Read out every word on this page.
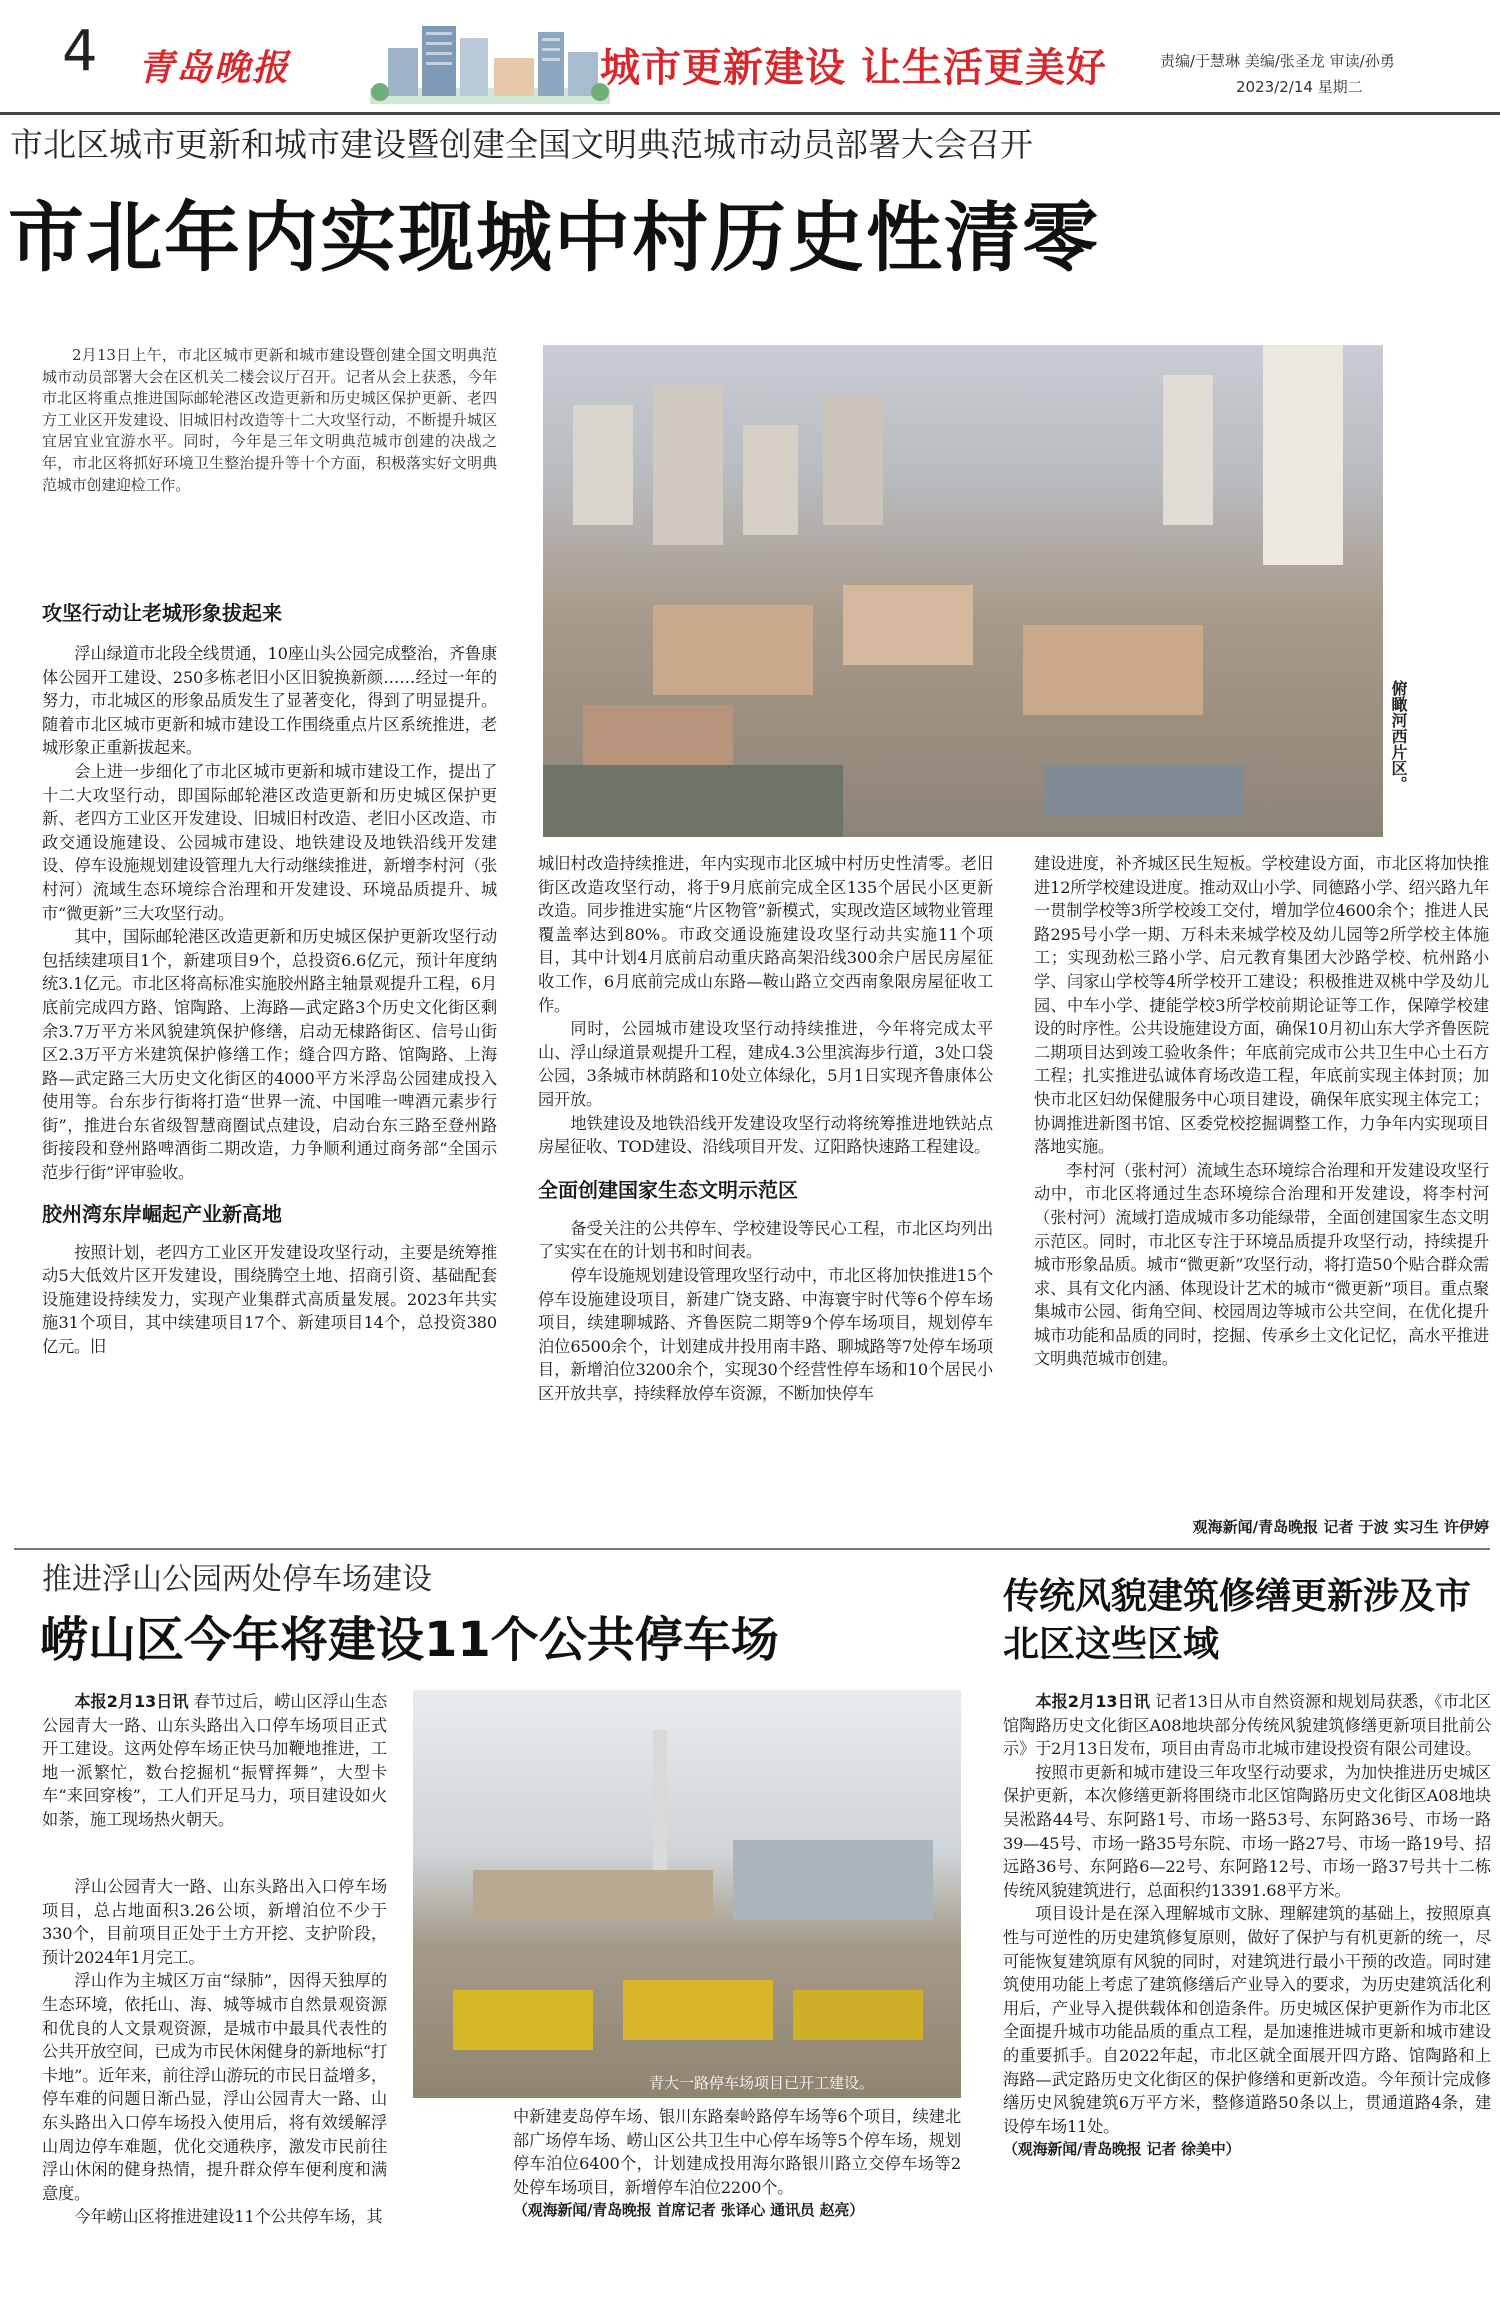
4 青岛晚报	城市更新建设 让生活更美好	责编/于慧琳 美编/张圣龙 审读/孙勇
2023/2/14 星期二
市北区城市更新和城市建设暨创建全国文明典范城市动员部署大会召开
市北年内实现城中村历史性清零

2月13日上午，市北区城市更新和城市建设暨创建全国文明典范城市动员部署大会在区机关二楼会议厅召开。记者从会上获悉，今年市北区将重点推进国际邮轮港区改造更新和历史城区保护更新、老四方工业区开发建设、旧城旧村改造等十二大攻坚行动，不断提升城区宜居宜业宜游水平。同时，今年是三年文明典范城市创建的决战之年，市北区将抓好环境卫生整治提升等十个方面，积极落实好文明典范城市创建迎检工作。

俯瞰河西片区。
攻坚行动让老城形象拔起来

浮山绿道市北段全线贯通，10座山头公园完成整治，齐鲁康体公园开工建设、250多栋老旧小区旧貌换新颜……经过一年的努力，市北城区的形象品质发生了显著变化，得到了明显提升。随着市北区城市更新和城市建设工作围绕重点片区系统推进，老城形象正重新拔起来。

会上进一步细化了市北区城市更新和城市建设工作，提出了十二大攻坚行动，即国际邮轮港区改造更新和历史城区保护更新、老四方工业区开发建设、旧城旧村改造、老旧小区改造、市政交通设施建设、公园城市建设、地铁建设及地铁沿线开发建设、停车设施规划建设管理九大行动继续推进，新增李村河（张村河）流域生态环境综合治理和开发建设、环境品质提升、城市“微更新”三大攻坚行动。

其中，国际邮轮港区改造更新和历史城区保护更新攻坚行动包括续建项目1个，新建项目9个，总投资6.6亿元，预计年度纳统3.1亿元。市北区将高标准实施胶州路主轴景观提升工程，6月底前完成四方路、馆陶路、上海路—武定路3个历史文化街区剩余3.7万平方米风貌建筑保护修缮，启动无棣路街区、信号山街区2.3万平方米建筑保护修缮工作；缝合四方路、馆陶路、上海路—武定路三大历史文化街区的4000平方米浮岛公园建成投入使用等。台东步行街将打造“世界一流、中国唯一啤酒元素步行街”，推进台东省级智慧商圈试点建设，启动台东三路至登州路街接段和登州路啤酒街二期改造，力争顺利通过商务部“全国示范步行街”评审验收。

胶州湾东岸崛起产业新高地

按照计划，老四方工业区开发建设攻坚行动，主要是统筹推动5大低效片区开发建设，围绕腾空土地、招商引资、基础配套设施建设持续发力，实现产业集群式高质量发展。2023年共实施31个项目，其中续建项目17个、新建项目14个，总投资380亿元。旧

城旧村改造持续推进，年内实现市北区城中村历史性清零。老旧街区改造攻坚行动，将于9月底前完成全区135个居民小区更新改造。同步推进实施“片区物管”新模式，实现改造区域物业管理覆盖率达到80%。市政交通设施建设攻坚行动共实施11个项目，其中计划4月底前启动重庆路高架沿线300余户居民房屋征收工作，6月底前完成山东路—鞍山路立交西南象限房屋征收工作。

同时，公园城市建设攻坚行动持续推进，今年将完成太平山、浮山绿道景观提升工程，建成4.3公里滨海步行道，3处口袋公园，3条城市林荫路和10处立体绿化，5月1日实现齐鲁康体公园开放。

地铁建设及地铁沿线开发建设攻坚行动将统筹推进地铁站点房屋征收、TOD建设、沿线项目开发、辽阳路快速路工程建设。

全面创建国家生态文明示范区

备受关注的公共停车、学校建设等民心工程，市北区均列出了实实在在的计划书和时间表。

停车设施规划建设管理攻坚行动中，市北区将加快推进15个停车设施建设项目，新建广饶支路、中海寰宇时代等6个停车场项目，续建聊城路、齐鲁医院二期等9个停车场项目，规划停车泊位6500余个，计划建成井投用南丰路、聊城路等7处停车场项目，新增泊位3200余个，实现30个经营性停车场和10个居民小区开放共享，持续释放停车资源，不断加快停车

建设进度，补齐城区民生短板。学校建设方面，市北区将加快推进12所学校建设进度。推动双山小学、同德路小学、绍兴路九年一贯制学校等3所学校竣工交付，增加学位4600余个；推进人民路295号小学一期、万科未来城学校及幼儿园等2所学校主体施工；实现劲松三路小学、启元教育集团大沙路学校、杭州路小学、闫家山学校等4所学校开工建设；积极推进双桃中学及幼儿园、中车小学、捷能学校3所学校前期论证等工作，保障学校建设的时序性。公共设施建设方面，确保10月初山东大学齐鲁医院二期项目达到竣工验收条件；年底前完成市公共卫生中心土石方工程；扎实推进弘诚体育场改造工程，年底前实现主体封顶；加快市北区妇幼保健服务中心项目建设，确保年底实现主体完工；协调推进新图书馆、区委党校挖掘调整工作，力争年内实现项目落地实施。

李村河（张村河）流域生态环境综合治理和开发建设攻坚行动中，市北区将通过生态环境综合治理和开发建设，将李村河（张村河）流域打造成城市多功能绿带，全面创建国家生态文明示范区。同时，市北区专注于环境品质提升攻坚行动，持续提升城市形象品质。城市“微更新”攻坚行动，将打造50个贴合群众需求、具有文化内涵、体现设计艺术的城市“微更新”项目。重点聚集城市公园、街角空间、校园周边等城市公共空间，在优化提升城市功能和品质的同时，挖掘、传承乡土文化记忆，高水平推进文明典范城市创建。

观海新闻/青岛晚报 记者 于波 实习生 许伊婷
推进浮山公园两处停车场建设
崂山区今年将建设11个公共停车场

本报2月13日讯 春节过后，崂山区浮山生态公园青大一路、山东头路出入口停车场项目正式开工建设。这两处停车场正快马加鞭地推进，工地一派繁忙，数台挖掘机“振臂挥舞”，大型卡车“来回穿梭”，工人们开足马力，项目建设如火如荼，施工现场热火朝天。

浮山公园青大一路、山东头路出入口停车场项目，总占地面积3.26公顷，新增泊位不少于330个，目前项目正处于土方开挖、支护阶段，预计2024年1月完工。

浮山作为主城区万亩“绿肺”，因得天独厚的生态环境，依托山、海、城等城市自然景观资源和优良的人文景观资源，是城市中最具代表性的公共开放空间，已成为市民休闲健身的新地标“打卡地”。近年来，前往浮山游玩的市民日益增多，停车难的问题日渐凸显，浮山公园青大一路、山东头路出入口停车场投入使用后，将有效缓解浮山周边停车难题，优化交通秩序，激发市民前往浮山休闲的健身热情，提升群众停车便利度和满意度。

今年崂山区将推进建设11个公共停车场，其

青大一路停车场项目已开工建设。

中新建麦岛停车场、银川东路秦岭路停车场等6个项目，续建北部广场停车场、崂山区公共卫生中心停车场等5个停车场，规划停车泊位6400个，计划建成投用海尔路银川路立交停车场等2处停车场项目，新增停车泊位2200个。

（观海新闻/青岛晚报 首席记者 张译心 通讯员 赵亮）

传统风貌建筑修缮更新涉及市北区这些区域

本报2月13日讯 记者13日从市自然资源和规划局获悉，《市北区馆陶路历史文化街区A08地块部分传统风貌建筑修缮更新项目批前公示》于2月13日发布，项目由青岛市北城市建设投资有限公司建设。

按照市更新和城市建设三年攻坚行动要求，为加快推进历史城区保护更新，本次修缮更新将围绕市北区馆陶路历史文化街区A08地块吴淞路44号、东阿路1号、市场一路53号、东阿路36号、市场一路39—45号、市场一路35号东院、市场一路27号、市场一路19号、招远路36号、东阿路6—22号、东阿路12号、市场一路37号共十二栋传统风貌建筑进行，总面积约13391.68平方米。

项目设计是在深入理解城市文脉、理解建筑的基础上，按照原真性与可逆性的历史建筑修复原则，做好了保护与有机更新的统一，尽可能恢复建筑原有风貌的同时，对建筑进行最小干预的改造。同时建筑使用功能上考虑了建筑修缮后产业导入的要求，为历史建筑活化利用后，产业导入提供载体和创造条件。历史城区保护更新作为市北区全面提升城市功能品质的重点工程，是加速推进城市更新和城市建设的重要抓手。自2022年起，市北区就全面展开四方路、馆陶路和上海路—武定路历史文化街区的保护修缮和更新改造。今年预计完成修缮历史风貌建筑6万平方米，整修道路50条以上，贯通道路4条，建设停车场11处。

（观海新闻/青岛晚报 记者 徐美中）
